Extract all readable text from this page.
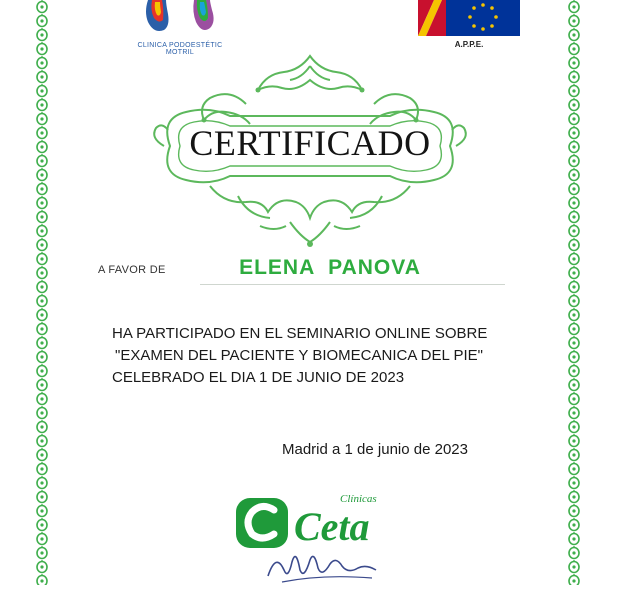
CLINICA PODOESTÉTIC MOTRIL
A.P.P.E.
CERTIFICADO
A FAVOR DE	ELENA  PANOVA
HA PARTICIPADO EN EL SEMINARIO ONLINE SOBRE
"EXAMEN DEL PACIENTE Y BIOMECANICA DEL PIE"
CELEBRADO EL DIA 1 DE JUNIO DE 2023
Madrid a 1 de junio de 2023
Clínicas
Ceta
